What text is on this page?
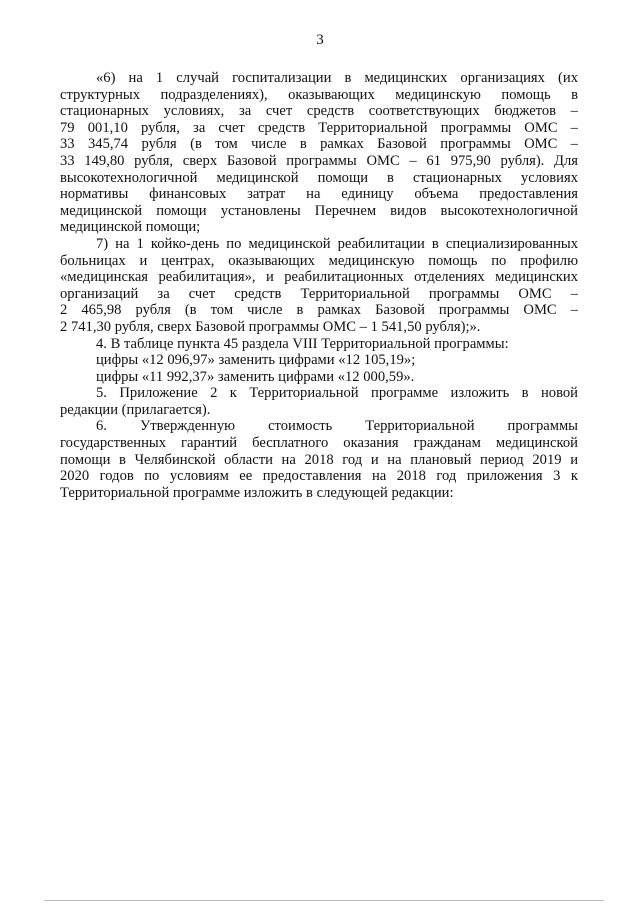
3
«6) на 1 случай госпитализации в медицинских организациях (их
структурных подразделениях), оказывающих медицинскую помощь в
стационарных условиях, за счет средств соответствующих бюджетов –
79 001,10 рубля, за счет средств Территориальной программы ОМС –
33 345,74 рубля (в том числе в рамках Базовой программы ОМС –
33 149,80 рубля, сверх Базовой программы ОМС – 61 975,90 рубля). Для
высокотехнологичной медицинской помощи в стационарных условиях
нормативы финансовых затрат на единицу объема предоставления
медицинской помощи установлены Перечнем видов высокотехнологичной
медицинской помощи;
7) на 1 койко-день по медицинской реабилитации в специализированных
больницах и центрах, оказывающих медицинскую помощь по профилю
«медицинская реабилитация», и реабилитационных отделениях медицинских
организаций за счет средств Территориальной программы ОМС –
2 465,98 рубля (в том числе в рамках Базовой программы ОМС –
2 741,30 рубля, сверх Базовой программы ОМС – 1 541,50 рубля);».
4. В таблице пункта 45 раздела VIII Территориальной программы:
цифры «12 096,97» заменить цифрами «12 105,19»;
цифры «11 992,37» заменить цифрами «12 000,59».
5. Приложение 2 к Территориальной программе изложить в новой
редакции (прилагается).
6. Утвержденную стоимость Территориальной программы
государственных гарантий бесплатного оказания гражданам медицинской
помощи в Челябинской области на 2018 год и на плановый период 2019 и
2020 годов по условиям ее предоставления на 2018 год приложения 3 к
Территориальной программе изложить в следующей редакции:
